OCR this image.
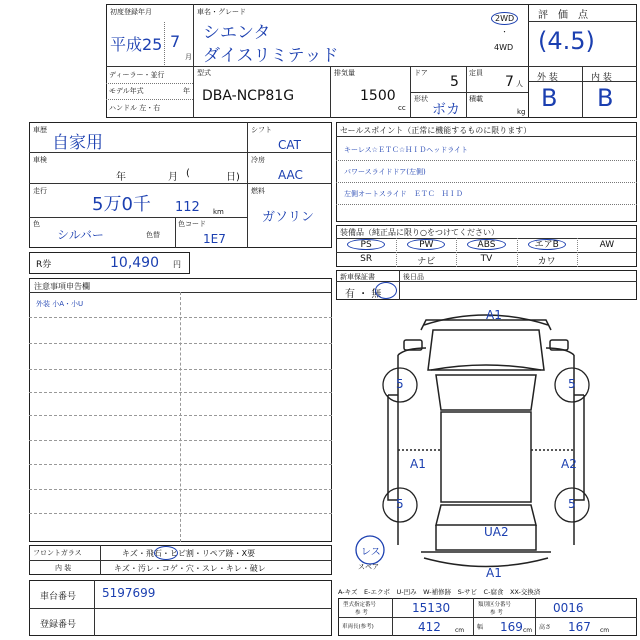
初度登録年月
平成25 7
月
車名・グレード
シエンタ
ダイスリミテッド
2WD
・
4WD
評　価　点
(4.5)
外 装	内 装
B B
ディーラー・並行
モデル年式	年
ハンドル 左・右
型式
DBA-NCP81G
排気量
1500
cc
ドア
5
定員
7 人
形状
ボカ
積載
kg
車歴
自家用
車検
年	月 (	日)
走行
5万0千 112 km
色
シルバー	色替
色コード
1E7
シフト
CAT
冷房
AAC
燃料
ガソリン
R券	10,490 円
注意事項申告欄
外装 小A・小U
フロントガラス	キズ・飛石・ヒビ割・リペア跡・X要
内 装	キズ・汚レ・コゲ・穴・スレ・キレ・破レ
車台番号 5197699
登録番号
セールスポイント（正常に機能するものに限ります）
キーレス☆ＥＴＣ☆ＨＩＤヘッドライト
パワースライドドア(左側)
左側オートスライド　ＥＴＣ　ＨＩＤ
装備品（純正品に限り○をつけてください）
PS	PW	ABS	エアB	AW
SR	ナビ	TV	カワ
新車保証書	後日品
有 ・ 無
A1
5	5
A1	A2
5	5
UA2
A1
レス
スペア
A-キズ　E-エクボ　U-凹み　W-補修跡　S-サビ　C-腐食　XX-交換済
型式指定番号
参 考	15130	類別区分番号
参 考	0016
車両長(参考)	412 cm 幅 169 cm 高さ 167 cm
